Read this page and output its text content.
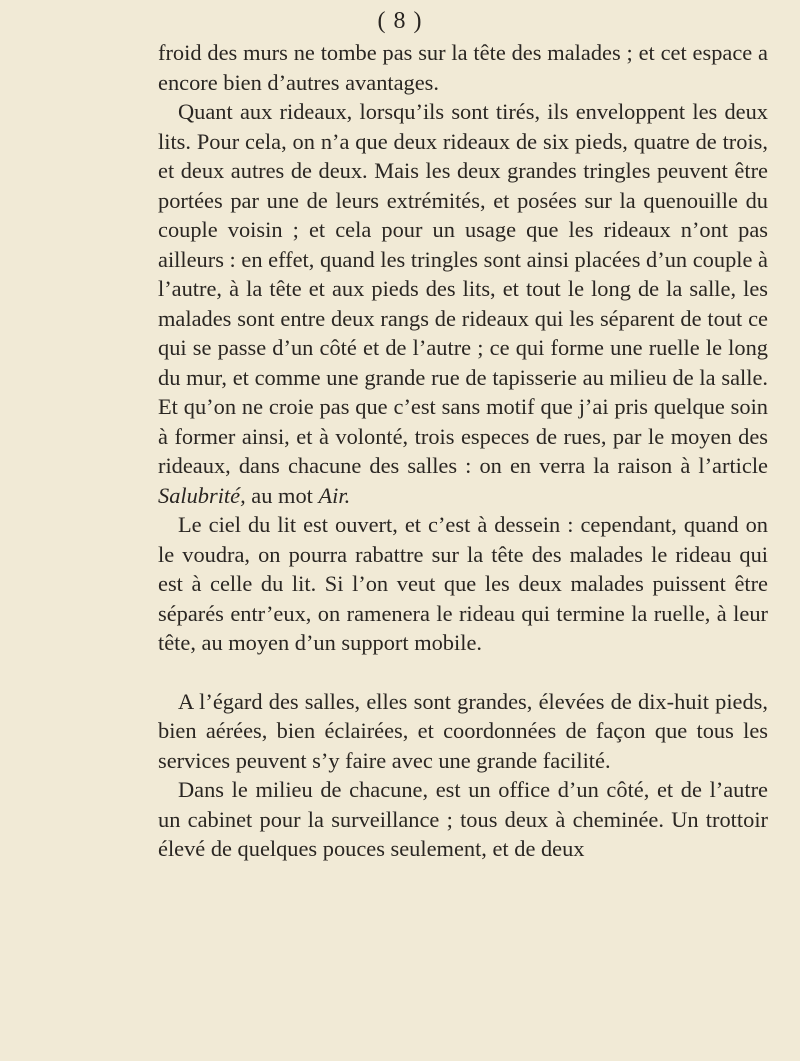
( 8 )

froid des murs ne tombe pas sur la tête des malades ; et cet espace a encore bien d’autres avantages.

Quant aux rideaux, lorsqu’ils sont tirés, ils enveloppent les deux lits. Pour cela, on n’a que deux rideaux de six pieds, quatre de trois, et deux autres de deux. Mais les deux grandes tringles peuvent être portées par une de leurs extrémités, et posées sur la quenouille du couple voisin ; et cela pour un usage que les rideaux n’ont pas ailleurs : en effet, quand les tringles sont ainsi placées d’un couple à l’autre, à la tête et aux pieds des lits, et tout le long de la salle, les malades sont entre deux rangs de rideaux qui les séparent de tout ce qui se passe d’un côté et de l’autre ; ce qui forme une ruelle le long du mur, et comme une grande rue de tapisserie au milieu de la salle. Et qu’on ne croie pas que c’est sans motif que j’ai pris quelque soin à former ainsi, et à volonté, trois especes de rues, par le moyen des rideaux, dans chacune des salles : on en verra la raison à l’article Salubrité, au mot Air.

Le ciel du lit est ouvert, et c’est à dessein : cependant, quand on le voudra, on pourra rabattre sur la tête des malades le rideau qui est à celle du lit. Si l’on veut que les deux malades puissent être séparés entr’eux, on ramenera le rideau qui termine la ruelle, à leur tête, au moyen d’un support mobile.

A l’égard des salles, elles sont grandes, élevées de dix-huit pieds, bien aérées, bien éclairées, et coordonnées de façon que tous les services peuvent s’y faire avec une grande facilité.

Dans le milieu de chacune, est un office d’un côté, et de l’autre un cabinet pour la surveillance ; tous deux à cheminée. Un trottoir élevé de quelques pouces seulement, et de deux
